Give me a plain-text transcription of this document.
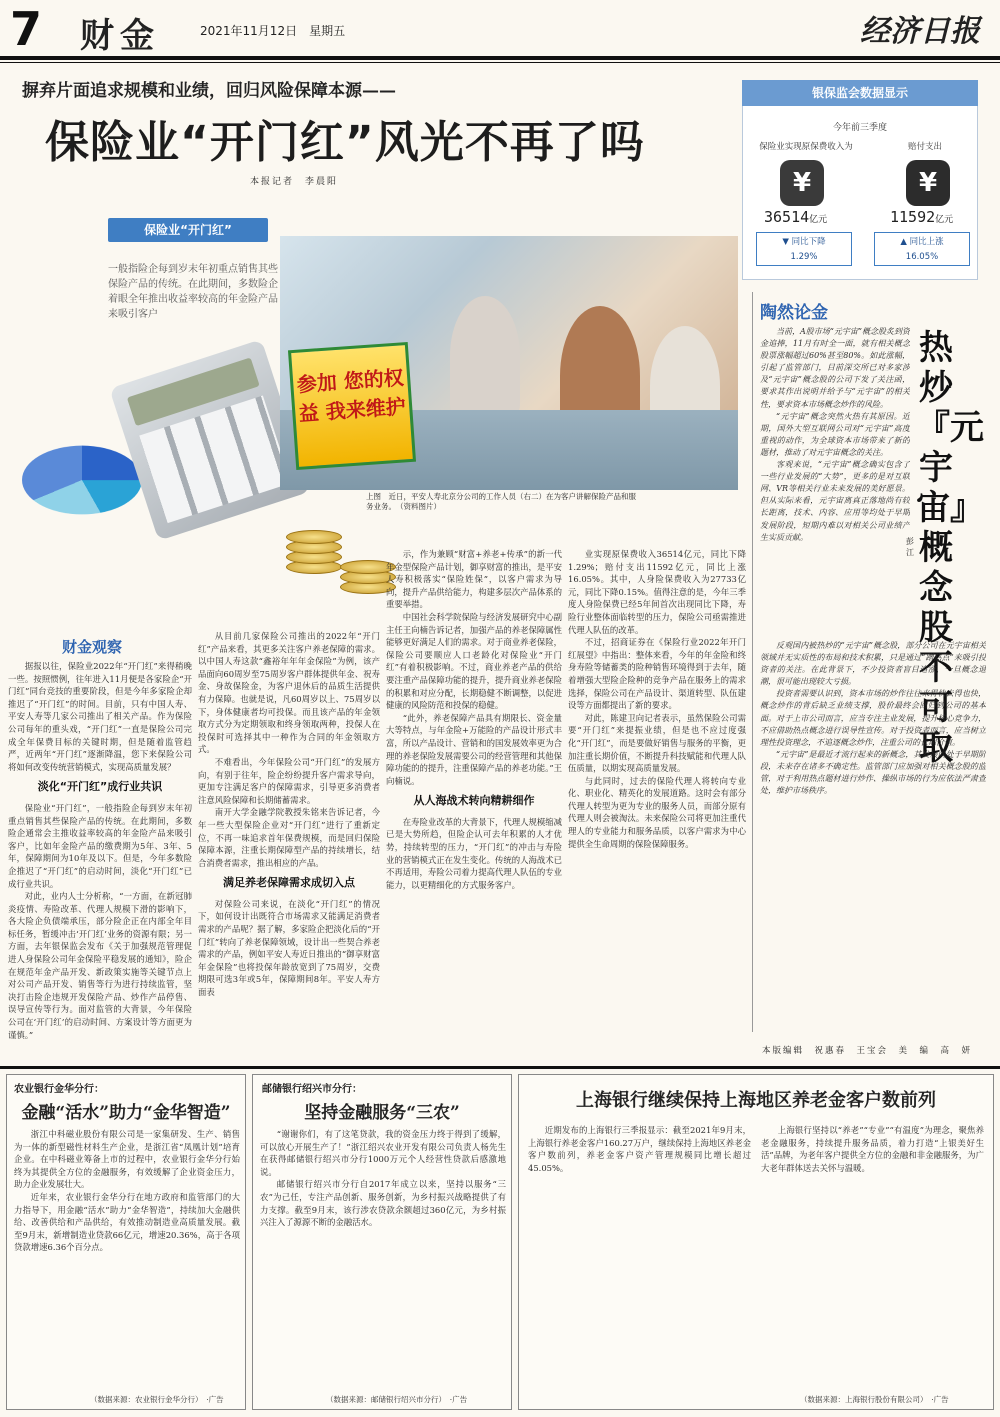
7 财金	2021年11月12日　星期五	经济日报
摒弃片面追求规模和业绩，回归风险保障本源——
保险业“开门红”风光不再了吗
本报记者　李晨阳
保险业“开门红”
一般指险企每到岁末年初重点销售其些保险产品的传统。在此期间，多数险企着眼全年推出收益率较高的年金险产品来吸引客户
参加 您的权益 我来维护
上图　近日，平安人寿北京分公司的工作人员（右二）在为客户讲解保险产品和服务业务。　（资料图片）
银保监会数据显示
今年前三季度
保险业实现原保费收入为	赔付支出
¥	¥
36514亿元	11592亿元
▼ 同比下降
1.29%
▲ 同比上涨
16.05%
陶然论金
热炒『元宇宙』概念股不可取

当前，A股市场“元宇宙”概念股炙到资金追捧，11月有时全一面，就有相关概念股票涨幅超过60%甚至80%。如此涨幅，引起了监管部门，目前深交所已对多家涉及“元宇宙”概念股的公司下发了关注函，要求其作出说明并给予与“元宇宙”的相关性，要求资本市场概念炒作的风险。

“元宇宙”概念突然火热有其原因。近期，国外大型互联网公司对“元宇宙”高度重视的动作，为全球资本市场带来了新的题材，推动了对元宇宙概念的关注。

客观来说，“元宇宙”概念确实包含了一些行业发展的“大势”，更多的是对互联网、VR等相关行业未来发展的美好愿景。但从实际来看，元宇宙离真正落地尚有较长距离，技术、内容、应用等均处于早期发展阶段，短期内难以对相关公司业绩产生实质贡献。	彭江

反观国内被热炒的“元宇宙”概念股，部分公司在元宇宙相关领域并无实质性的布局和技术积累，只是通过“蹭热点”来吸引投资者的关注。在此背景下，不少投资者盲目追涨，一旦概念退潮，很可能出现较大亏损。

投资者需要认识到，资本市场的炒作往往来得快去得也快，概念炒作的背后缺乏业绩支撑，股价最终会回归到公司的基本面。对于上市公司而言，应当专注主业发展，提升核心竞争力，不应借助热点概念进行误导性宣传。对于投资者而言，应当树立理性投资理念，不追逐概念炒作，注重公司的长期价值。

“元宇宙”是最近才流行起来的新概念，其发展尚处于早期阶段，未来存在诸多不确定性。监管部门应加强对相关概念股的监管，对于利用热点题材进行炒作、操纵市场的行为应依法严肃查处，维护市场秩序。

本版编辑　祝惠春　王宝会　美　编　高　妍
财金观察

据报以往，保险业2022年“开门红”来得稍晚一些。按照惯例，往年进入11月便是各家险企“开门红”同台竞技的重要阶段，但是今年多家险企却推迟了“开门红”的时间。目前，只有中国人寿、平安人寿等几家公司推出了相关产品。作为保险公司每年的重头戏，“开门红”一直是保险公司完成全年保费目标的关键时期，但是随着监管趋严，近两年“开门红”逐渐降温，您下来保险公司将如何改变传统营销模式，实现高质量发展？

淡化“开门红”成行业共识

保险业“开门红”，一般指险企每到岁末年初重点销售其些保险产品的传统。在此期间，多数险企通常会主推收益率较高的年金险产品来吸引客户，比如年金险产品的缴费期为5年、3年、5年，保障期间为10年及以下。但是，今年多数险企推迟了“开门红”的启动时间，淡化“开门红”已成行业共识。

对此，业内人士分析称，“一方面，在新冠肺炎疫情、寿险改革、代理人规模下滑的影响下，各大险企负债端承压，部分险企正在内部全年目标任务，暂缓冲击‘开门红’业务的资源有限；另一方面，去年银保监会发布《关于加强规范管理促进人身保险公司年金保险平稳发展的通知》，险企在规范年金产品开发、新政策实施等关键节点上对公司产品开发、销售等行为进行持续监管，坚决打击险企违规开发保险产品、炒作产品停售、误导宣传等行为。面对监管的大背景，今年保险公司在‘开门红’的启动时间、方案设计等方面更为谨慎。”

从目前几家保险公司推出的2022年“开门红”产品来看，其更多关注客户养老保障的需求。以中国人寿这款“鑫裕年年年金保险”为例，该产品面向60周岁至75周岁客户群体提供年金、祝寿金、身故保险金，为客户退休后的品质生活提供有力保障。也就是说，凡60周岁以上、75周岁以下，身体健康者均可投保。而且该产品的年金领取方式分为定期领取和终身领取两种，投保人在投保时可选择其中一种作为合同的年金领取方式。

不难看出，今年保险公司“开门红”的发展方向，有别于往年，险企纷纷提升客户需求导向，更加专注满足客户的保障需求，引导更多消费者注意风险保障和长期储蓄需求。

南开大学金融学院教授朱铭来告诉记者，今年一些大型保险企业对“开门红”进行了重新定位，不再一味追求首年保费规模，而是回归保险保障本源，注重长期保障型产品的持续增长，结合消费者需求，推出相应的产品。

满足养老保障需求成切入点

对保险公司来说，在淡化“开门红”的情况下，如何设计出既符合市场需求又能满足消费者需求的产品呢？据了解，多家险企把淡化后的“开门红”转向了养老保障领域，设计出一些契合养老需求的产品，例如平安人寿近日推出的“御享财富年金保险”也将投保年龄放宽到了75周岁，交费期限可选3年或5年，保障期间8年。平安人寿方面表

示，作为兼顾“财富+养老+传承”的新一代年金型保险产品计划，御享财富的推出，是平安人寿积极落实“保险姓保”，以客户需求为导向，提升产品供给能力，构建多层次产品体系的重要举措。

中国社会科学院保险与经济发展研究中心副主任王向楠告诉记者，加强产品的养老保障属性能够更好满足人们的需求。对于商业养老保险，保险公司要顺应人口老龄化对保险业“开门红”有着积极影响。不过，商业养老产品的供给要注重产品保障功能的提升，提升商业养老保险的积累和对应分配，长期稳健不断调整，以促进健康的风险防范和投保的稳健。

“此外，养老保障产品具有期限长、资金量大等特点，与年金险+万能险的产品设计形式丰富，所以产品设计、营销和的国发展效率更为合理的养老保险发展需要公司的经营管理和其他保障功能的的提升，注重保障产品的养老功能。”王向楠说。

从人海战术转向精耕细作

在寿险业改革的大背景下，代理人规模缩减已是大势所趋，但险企认可去年积累的人才优势，持续转型的压力，“开门红”的冲击与寿险业的营销模式正在发生变化。传统的人海战术已不再适用，寿险公司着力提高代理人队伍的专业能力，以更精细化的方式服务客户。

业实现原保费收入36514亿元，同比下降1.29%；赔付支出11592亿元，同比上涨16.05%。其中，人身险保费收入为27733亿元，同比下降0.15%。值得注意的是，今年三季度人身险保费已经5年间首次出现同比下降，寿险行业整体面临转型的压力，保险公司亟需推进代理人队伍的改革。

不过，招商证券在《保险行业2022年开门红展望》中指出：整体来看，今年的年金险和终身寿险等储蓄类的险种销售环境得到于去年，随着增强大型险企险种的竞争产品在服务上的需求选择，保险公司在产品设计、渠道转型、队伍建设等方面都提出了新的要求。

对此，陈建卫向记者表示，虽然保险公司需要“开门红”来提振业绩，但是也不应过度强化“开门红”，而是要做好销售与服务的平衡，更加注重长期价值，不断提升科技赋能和代理人队伍质量，以期实现高质量发展。

与此同时，过去的保险代理人将转向专业化、职业化、精英化的发展道路。这时会有部分代理人转型为更为专业的服务人员，而部分原有代理人则会被淘汰。未来保险公司将更加注重代理人的专业能力和服务品质，以客户需求为中心提供全生命周期的保险保障服务。

农业银行金华分行：
金融“活水”助力“金华智造”

浙江中科磁业股份有限公司是一家集研发、生产、销售为一体的新型磁性材料生产企业，是浙江省“凤凰计划”培育企业。在中科磁业筹备上市的过程中，农业银行金华分行始终为其提供全方位的金融服务，有效缓解了企业资金压力，助力企业发展壮大。

近年来，农业银行金华分行在地方政府和监管部门的大力指导下，用金融“活水”助力“金华智造”，持续加大金融供给、改善供给和产品供给，有效推动制造业高质量发展。截至9月末，新增制造业贷款66亿元，增速20.36%，高于各项贷款增速6.36个百分点。

（数据来源：农业银行金华分行）　·广告
邮储银行绍兴市分行：
坚持金融服务“三农”

“谢谢你们，有了这笔贷款，我的资金压力终于得到了缓解，可以放心开展生产了！”浙江绍兴农业开发有限公司负责人杨先生在获得邮储银行绍兴市分行1000万元个人经营性贷款后感激地说。

邮储银行绍兴市分行自2017年成立以来，坚持以服务“三农”为己任，专注产品创新、服务创新，为乡村振兴战略提供了有力支撑。截至9月末，该行涉农贷款余额超过360亿元，为乡村振兴注入了源源不断的金融活水。

（数据来源：邮储银行绍兴市分行）　·广告
上海银行继续保持上海地区养老金客户数前列

近期发布的上海银行三季报显示：截至2021年9月末，上海银行养老金客户160.27万户，继续保持上海地区养老金客户数前列，养老金客户资产管理规模同比增长超过45.05%。

上海银行坚持以“养老”“专业”“有温度”为理念，聚焦养老金融服务，持续提升服务品质，着力打造“上银美好生活”品牌，为老年客户提供全方位的金融和非金融服务，为广大老年群体送去关怀与温暖。

（数据来源：上海银行股份有限公司）　·广告
